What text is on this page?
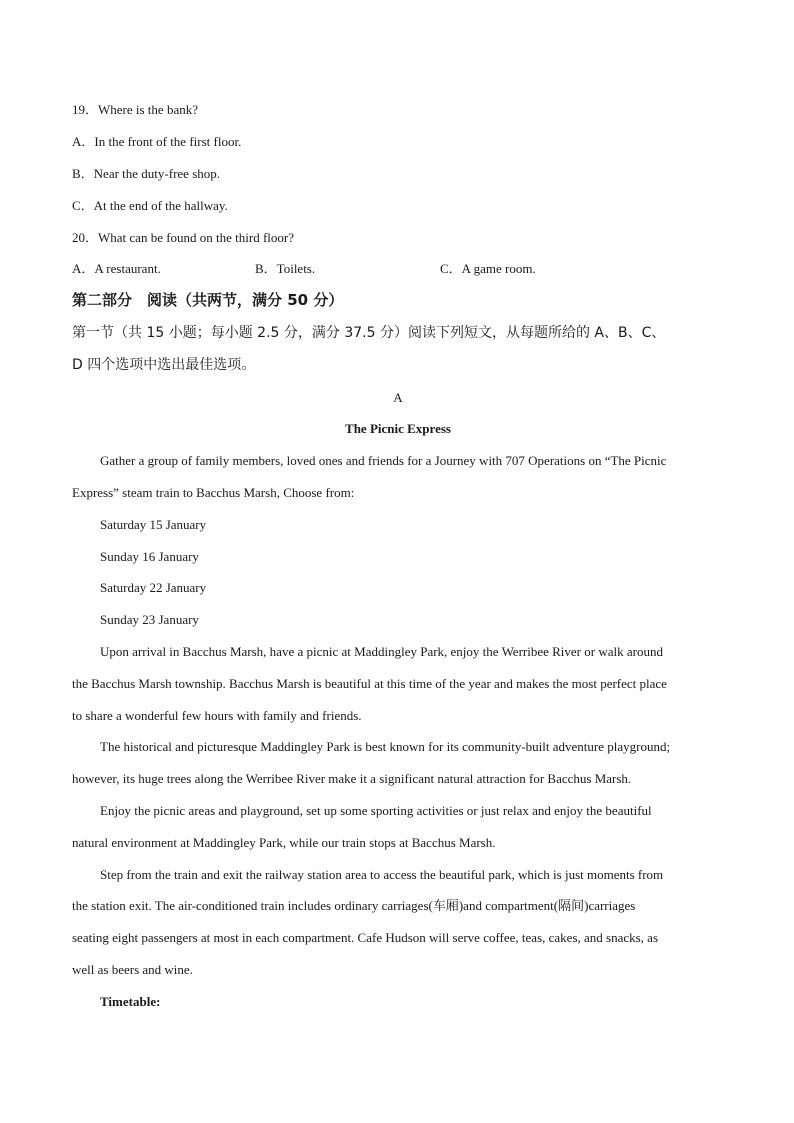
19．Where is the bank?
A．In the front of the first floor.
B．Near the duty-free shop.
C．At the end of the hallway.
20．What can be found on the third floor?
A．A restaurant.	B．Toilets.	C．A game room.
第二部分　阅读（共两节，满分 50 分）
第一节（共 15 小题；每小题 2.5 分，满分 37.5 分）阅读下列短文，从每题所给的 A、B、C、
D 四个选项中选出最佳选项。
A
The Picnic Express
Gather a group of family members, loved ones and friends for a Journey with 707 Operations on “The Picnic
Express” steam train to Bacchus Marsh, Choose from:
Saturday 15 January
Sunday 16 January
Saturday 22 January
Sunday 23 January
Upon arrival in Bacchus Marsh, have a picnic at Maddingley Park, enjoy the Werribee River or walk around
the Bacchus Marsh township. Bacchus Marsh is beautiful at this time of the year and makes the most perfect place
to share a wonderful few hours with family and friends.
The historical and picturesque Maddingley Park is best known for its community-built adventure playground;
however, its huge trees along the Werribee River make it a significant natural attraction for Bacchus Marsh.
Enjoy the picnic areas and playground, set up some sporting activities or just relax and enjoy the beautiful
natural environment at Maddingley Park, while our train stops at Bacchus Marsh.
Step from the train and exit the railway station area to access the beautiful park, which is just moments from
the station exit. The air-conditioned train includes ordinary carriages(车厢)and compartment(隔间)carriages
seating eight passengers at most in each compartment. Cafe Hudson will serve coffee, teas, cakes, and snacks, as
well as beers and wine.
Timetable:
